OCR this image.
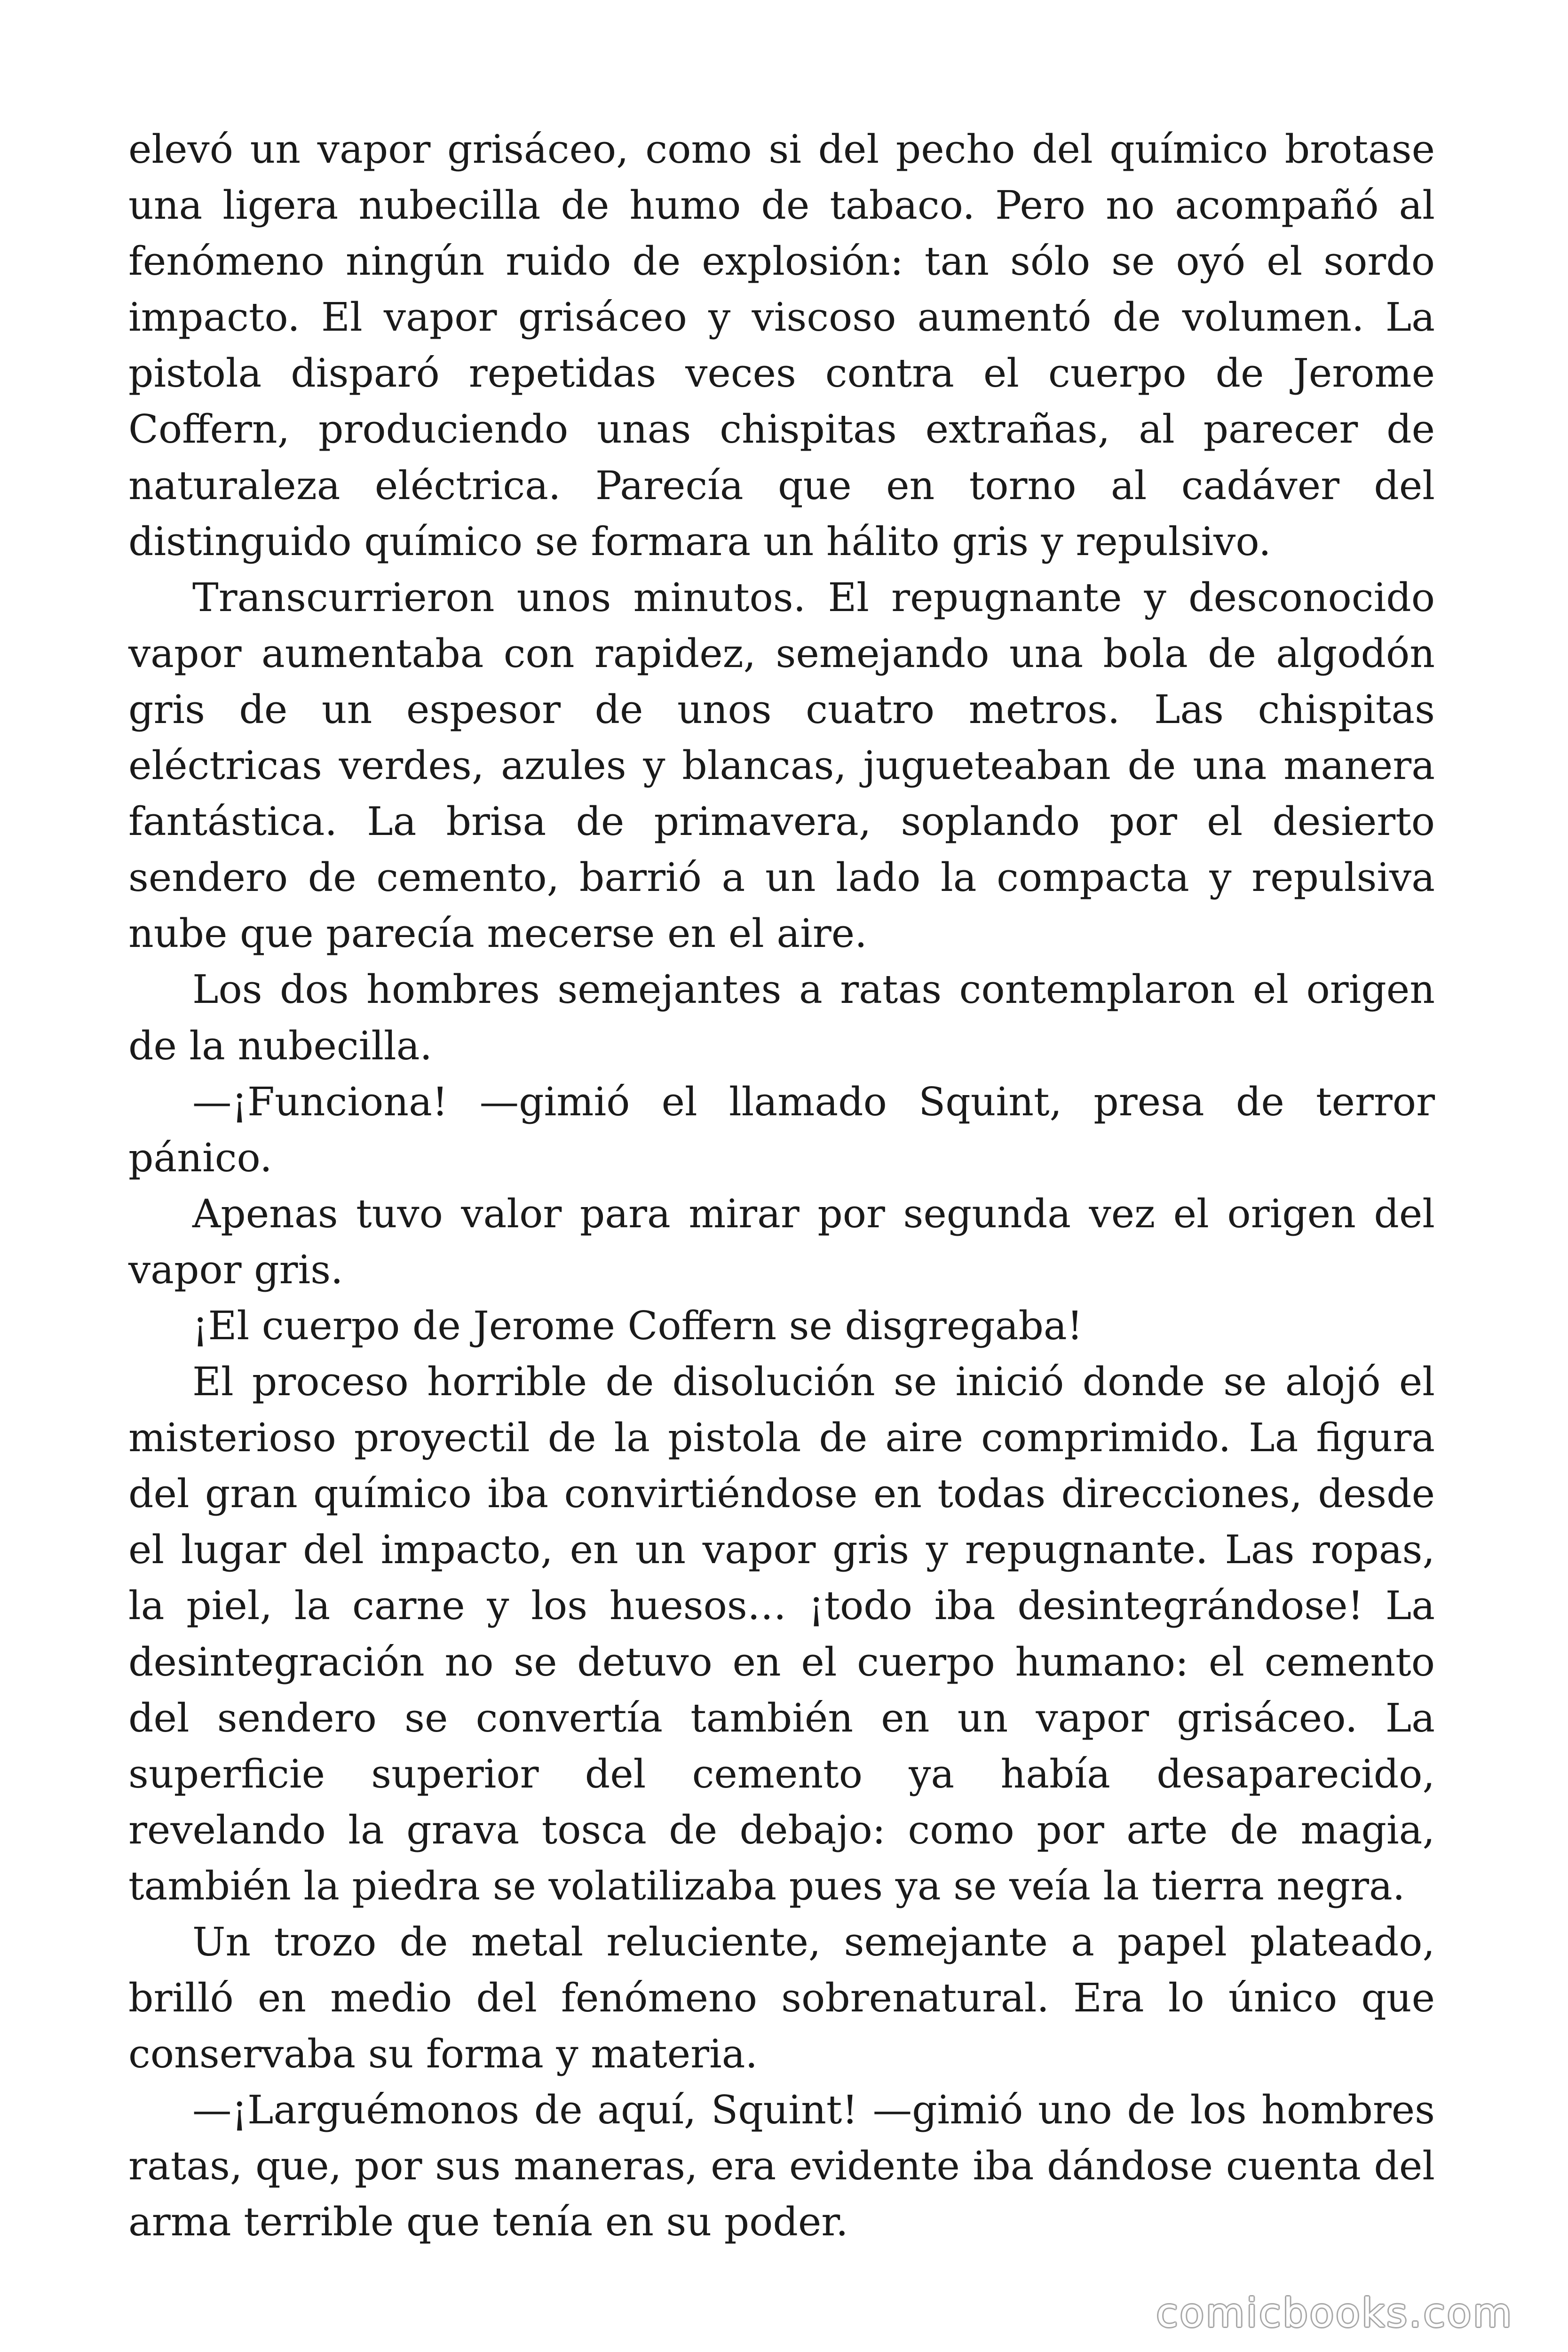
elevó un vapor grisáceo, como si del pecho del químico brotase una ligera nubecilla de humo de tabaco. Pero no acompañó al fenómeno ningún ruido de explosión: tan sólo se oyó el sordo impacto. El vapor grisáceo y viscoso aumentó de volumen. La pistola disparó repetidas veces contra el cuerpo de Jerome Coffern, produciendo unas chispitas extrañas, al parecer de naturaleza eléctrica. Parecía que en torno al cadáver del distinguido químico se formara un hálito gris y repulsivo.

Transcurrieron unos minutos. El repugnante y desconocido vapor aumentaba con rapidez, semejando una bola de algodón gris de un espesor de unos cuatro metros. Las chispitas eléctricas verdes, azules y blancas, jugueteaban de una manera fantástica. La brisa de primavera, soplando por el desierto sendero de cemento, barrió a un lado la compacta y repulsiva nube que parecía mecerse en el aire.

Los dos hombres semejantes a ratas contemplaron el origen de la nubecilla.

—¡Funciona! —gimió el llamado Squint, presa de terror pánico.

Apenas tuvo valor para mirar por segunda vez el origen del vapor gris.

¡El cuerpo de Jerome Coffern se disgregaba!

El proceso horrible de disolución se inició donde se alojó el misterioso proyectil de la pistola de aire comprimido. La figura del gran químico iba convirtiéndose en todas direcciones, desde el lugar del impacto, en un vapor gris y repugnante. Las ropas, la piel, la carne y los huesos… ¡todo iba desintegrándose! La desintegración no se detuvo en el cuerpo humano: el cemento del sendero se convertía también en un vapor grisáceo. La superficie superior del cemento ya había desaparecido, revelando la grava tosca de debajo: como por arte de magia, también la piedra se volatilizaba pues ya se veía la tierra negra.

Un trozo de metal reluciente, semejante a papel plateado, brilló en medio del fenómeno sobrenatural. Era lo único que conservaba su forma y materia.

—¡Larguémonos de aquí, Squint! —gimió uno de los hombres ratas, que, por sus maneras, era evidente iba dándose cuenta del arma terrible que tenía en su poder.

comicbooks.com
